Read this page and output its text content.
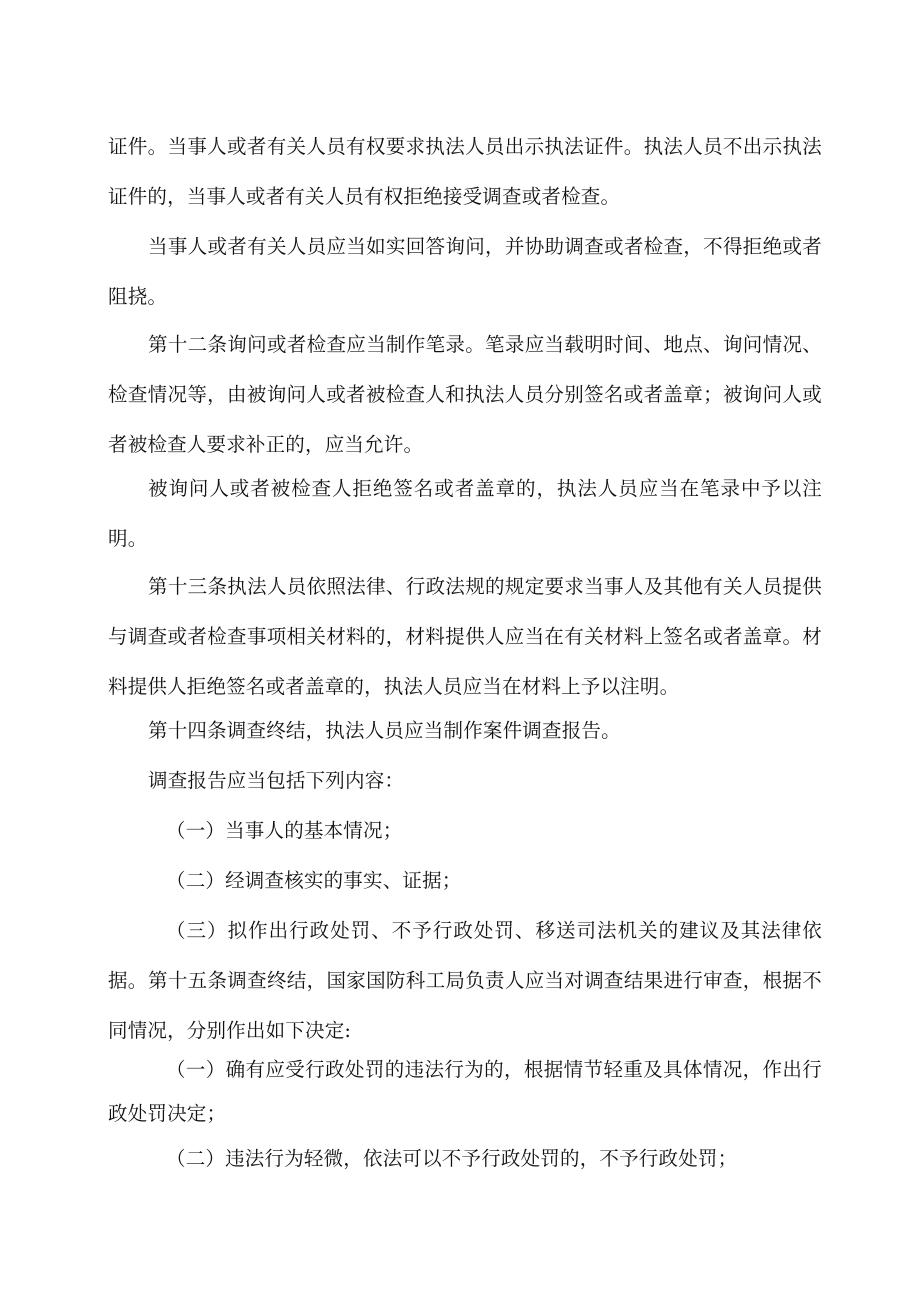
证件。当事人或者有关人员有权要求执法人员出示执法证件。执法人员不出示执法证件的，当事人或者有关人员有权拒绝接受调查或者检查。

当事人或者有关人员应当如实回答询问，并协助调查或者检查，不得拒绝或者阻挠。

第十二条询问或者检查应当制作笔录。笔录应当载明时间、地点、询问情况、检查情况等，由被询问人或者被检查人和执法人员分别签名或者盖章；被询问人或者被检查人要求补正的，应当允许。

被询问人或者被检查人拒绝签名或者盖章的，执法人员应当在笔录中予以注明。

第十三条执法人员依照法律、行政法规的规定要求当事人及其他有关人员提供与调查或者检查事项相关材料的，材料提供人应当在有关材料上签名或者盖章。材料提供人拒绝签名或者盖章的，执法人员应当在材料上予以注明。

第十四条调查终结，执法人员应当制作案件调查报告。

调查报告应当包括下列内容：

（一）当事人的基本情况；

（二）经调查核实的事实、证据；

（三）拟作出行政处罚、不予行政处罚、移送司法机关的建议及其法律依据。 第十五条调查终结，国家国防科工局负责人应当对调查结果进行审查，根据不同情况，分别作出如下决定:

（一）确有应受行政处罚的违法行为的，根据情节轻重及具体情况，作出行政处罚决定；

（二）违法行为轻微，依法可以不予行政处罚的，不予行政处罚；
